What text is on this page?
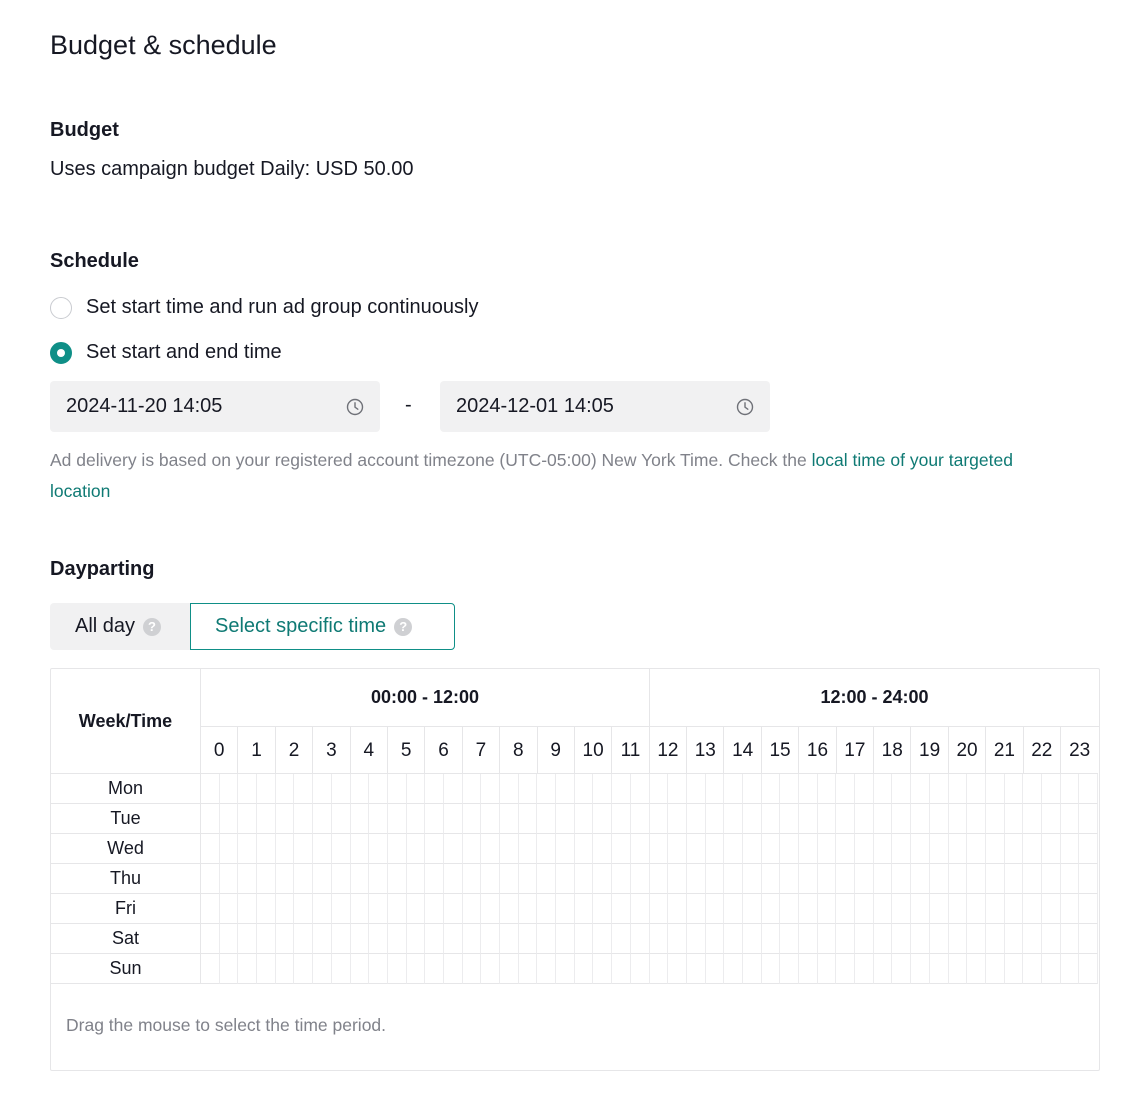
Budget & schedule
Budget
Uses campaign budget Daily: USD 50.00
Schedule
Set start time and run ad group continuously
Set start and end time
2024-11-20 14:05	- 2024-12-01 14:05
Ad delivery is based on your registered account timezone (UTC-05:00) New York Time. Check the local time of your targeted location
Dayparting
All day	?	Select specific time	?
Week/Time
00:00 - 12:00	12:00 - 24:00
0	1	2	3	4	5	6	7	8	9	10 11 12 13 14 15 16 17 18 19 20 21 22 23
Mon
Tue
Wed
Thu
Fri
Sat
Sun
Drag the mouse to select the time period.
